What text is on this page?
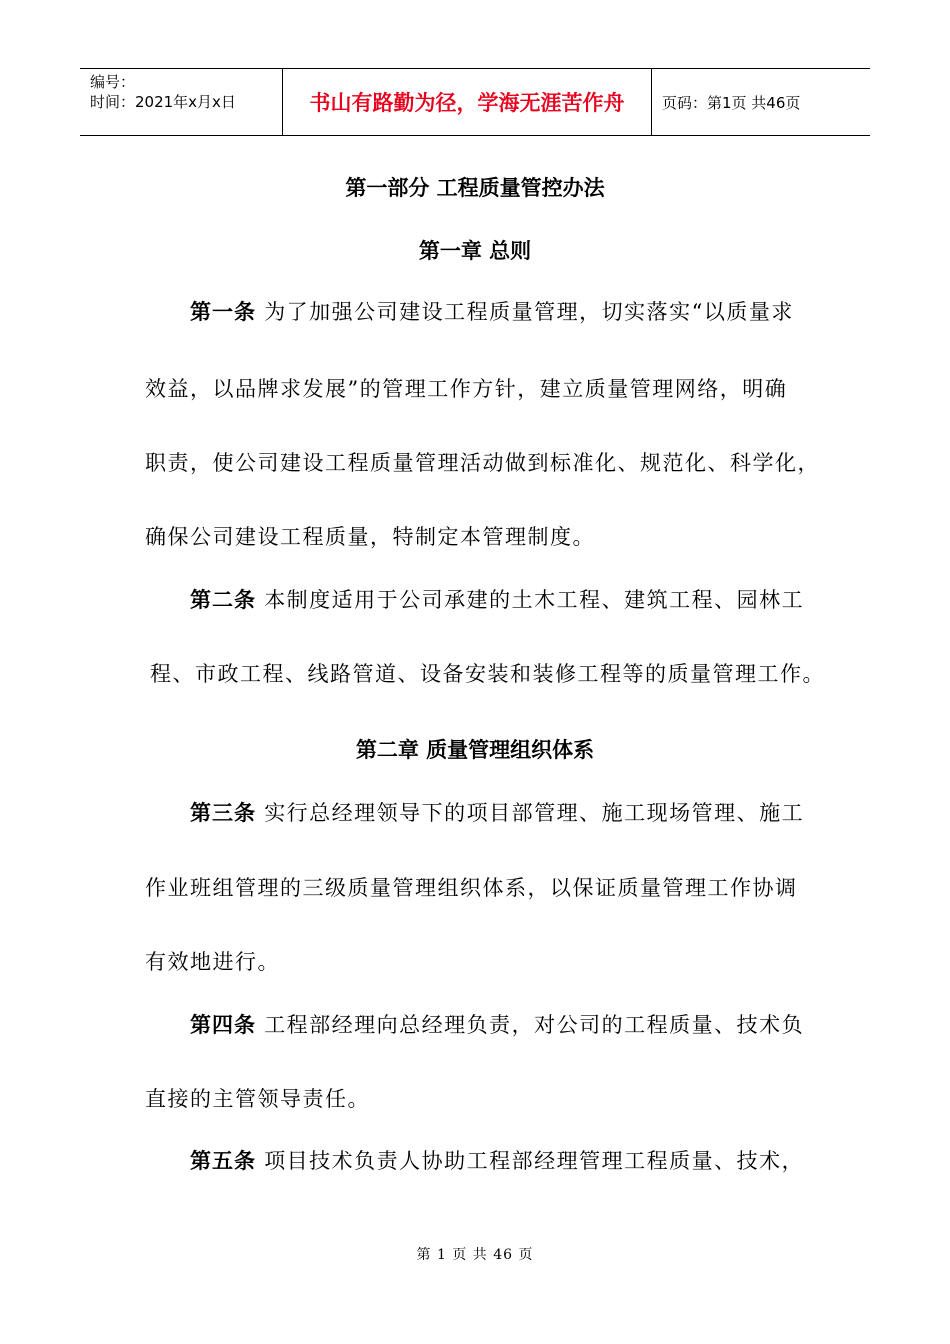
编号：
时间：2021年x月x日	书山有路勤为径，学海无涯苦作舟	页码：第1页 共46页
第一部分 工程质量管控办法
第一章 总则
第一条 为了加强公司建设工程质量管理，切实落实“以质量求
效益，以品牌求发展”的管理工作方针，建立质量管理网络，明确
职责，使公司建设工程质量管理活动做到标准化、规范化、科学化，
确保公司建设工程质量，特制定本管理制度。
第二条 本制度适用于公司承建的土木工程、建筑工程、园林工
程、市政工程、线路管道、设备安装和装修工程等的质量管理工作。
第二章 质量管理组织体系
第三条 实行总经理领导下的项目部管理、施工现场管理、施工
作业班组管理的三级质量管理组织体系，以保证质量管理工作协调
有效地进行。
第四条 工程部经理向总经理负责，对公司的工程质量、技术负
直接的主管领导责任。
第五条 项目技术负责人协助工程部经理管理工程质量、技术，
第 1 页 共 46 页
